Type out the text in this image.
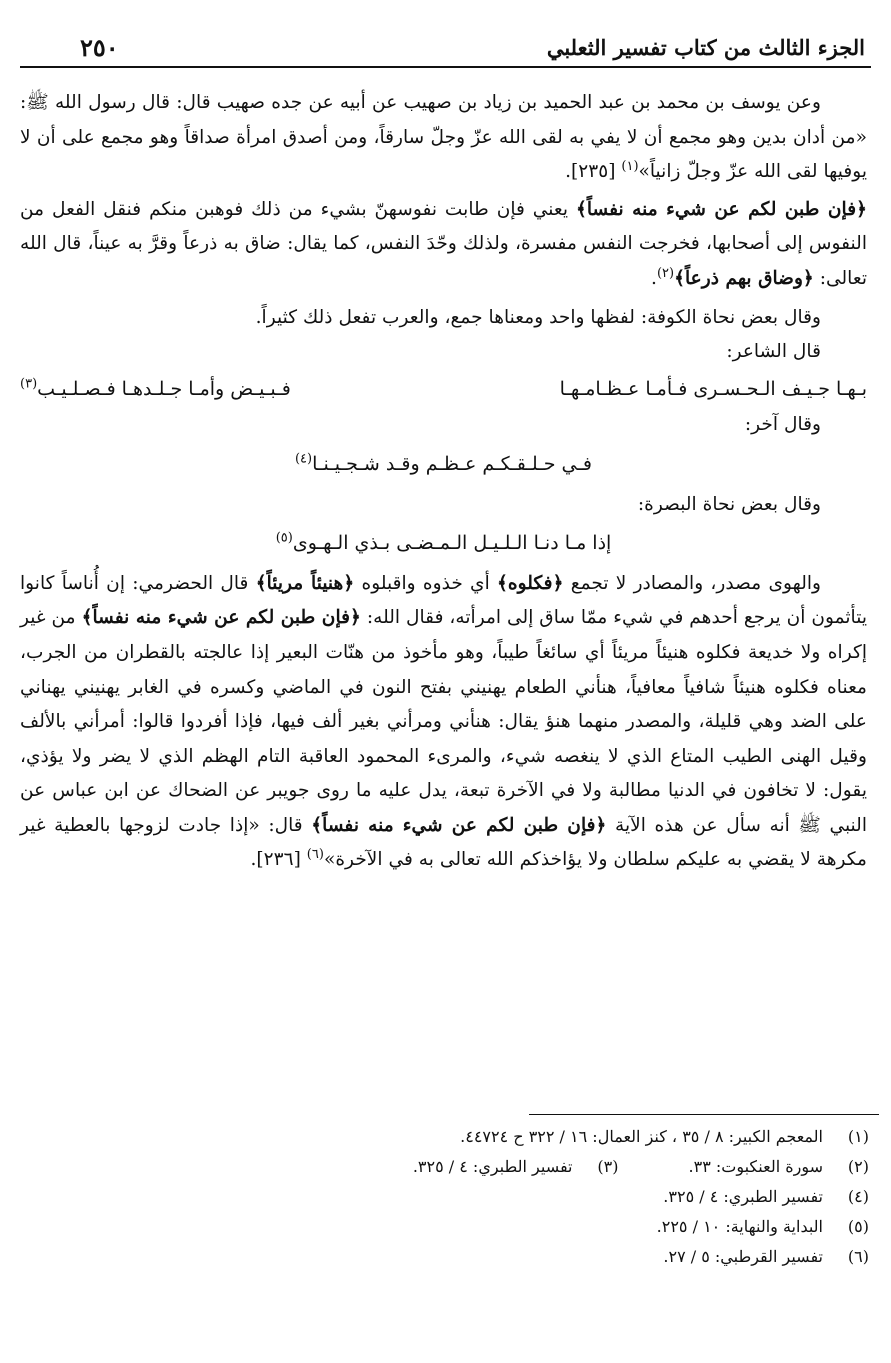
الجزء الثالث من كتاب تفسير الثعلبي
٢٥٠

وعن يوسف بن محمد بن عبد الحميد بن زياد بن صهيب عن أبيه عن جده صهيب قال: قال رسول الله ﷺ: «من أدان بدين وهو مجمع أن لا يفي به لقى الله عزّ وجلّ سارقاً، ومن أصدق امرأة صداقاً وهو مجمع على أن لا يوفيها لقى الله عزّ وجلّ زانياً»$^{(١)}$ [٢٣٥].

﴿فإن طبن لكم عن شيء منه نفساً﴾ يعني فإن طابت نفوسهنّ بشيء من ذلك فوهبن منكم فنقل الفعل من النفوس إلى أصحابها، فخرجت النفس مفسرة، ولذلك وحّدَ النفس، كما يقال: ضاق به ذرعاً وقرَّ به عيناً، قال الله تعالى: ﴿وضاق بهم ذرعاً﴾$^{(٢)}$.

وقال بعض نحاة الكوفة: لفظها واحد ومعناها جمع، والعرب تفعل ذلك كثيراً.

قال الشاعر:

بـهـا جـيـف الـحـسـرى فـأمـا عـظـامـهـا
فـبـيـض وأمـا جـلـدهـا فـصـلـيـب$^{(٣)}$

وقال آخر:

فـي حـلـقـكـم عـظـم وقـد شـجـيـنـا$^{(٤)}$

وقال بعض نحاة البصرة:

إذا مـا دنـا الـلـيـل الـمـضـى بـذي الـهـوى$^{(٥)}$

والهوى مصدر، والمصادر لا تجمع ﴿فكلوه﴾ أي خذوه واقبلوه ﴿هنيئاً مريئاً﴾ قال الحضرمي: إن أُناساً كانوا يتأثمون أن يرجع أحدهم في شيء ممّا ساق إلى امرأته، فقال الله: ﴿فإن طبن لكم عن شيء منه نفساً﴾ من غير إكراه ولا خديعة فكلوه هنيئاً مريئاً أي سائغاً طيباً، وهو مأخوذ من هنّات البعير إذا عالجته بالقطران من الجرب، معناه فكلوه هنيئاً شافياً معافياً، هنأني الطعام يهنيني بفتح النون في الماضي وكسره في الغابر يهنيني يهناني على الضد وهي قليلة، والمصدر منهما هنؤ يقال: هنأني ومرأني بغير ألف فيها، فإذا أفردوا قالوا: أمرأني بالألف وقيل الهنى الطيب المتاع الذي لا ينغصه شيء، والمرىء المحمود العاقبة التام الهظم الذي لا يضر ولا يؤذي، يقول: لا تخافون في الدنيا مطالبة ولا في الآخرة تبعة، يدل عليه ما روى جويبر عن الضحاك عن ابن عباس عن النبي ﷺ أنه سأل عن هذه الآية ﴿فإن طبن لكم عن شيء منه نفساً﴾ قال: «إذا جادت لزوجها بالعطية غير مكرهة لا يقضي به عليكم سلطان ولا يؤاخذكم الله تعالى به في الآخرة»$^{(٦)}$ [٢٣٦].

(١)
المعجم الكبير: ٨ / ٣٥ ، كنز العمال: ١٦ / ٣٢٢ ح ٤٤٧٢٤.
(٢)
سورة العنكبوت: ٣٣.
(٣)
تفسير الطبري: ٤ / ٣٢٥.
(٤)
تفسير الطبري: ٤ / ٣٢٥.
(٥)
البداية والنهاية: ١٠ / ٢٢٥.
(٦)
تفسير القرطبي: ٥ / ٢٧.
